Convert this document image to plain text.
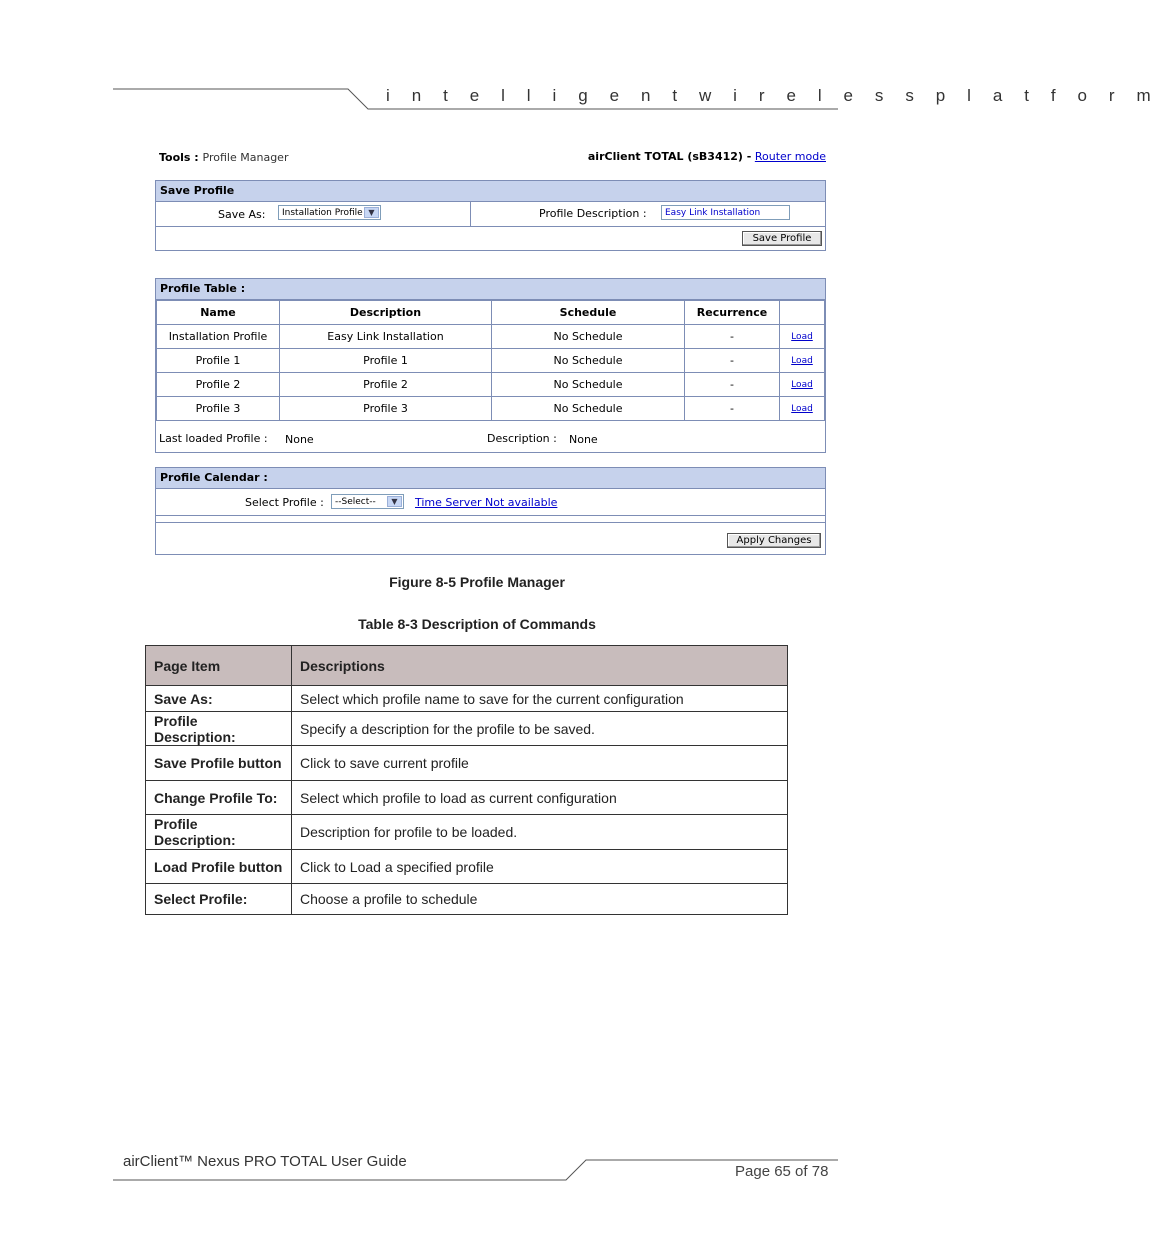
i n t e l l i g e n t w i r e l e s s p l a t f o r m
Tools : Profile Manager	airClient TOTAL (sB3412) - Router mode
Save Profile
Save As:	Installation Profile ▼	Profile Description :	Easy Link Installation
Save Profile
Profile Table :
Name	Description	Schedule	Recurrence	
Installation Profile	Easy Link Installation	No Schedule	-	Load
Profile 1	Profile 1	No Schedule	-	Load
Profile 2	Profile 2	No Schedule	-	Load
Profile 3	Profile 3	No Schedule	-	Load
Last loaded Profile : None	Description : None
Profile Calendar :
Select Profile :	--Select--	▼	Time Server Not available
Apply Changes
Figure 8-5 Profile Manager
Table 8-3 Description of Commands
Page Item	Descriptions
Save As:	Select which profile name to save for the current configuration
Profile Description:	Specify a description for the profile to be saved.
Save Profile button	Click to save current profile
Change Profile To:	Select which profile to load as current configuration
Profile Description:	Description for profile to be loaded.
Load Profile button	Click to Load a specified profile
Select Profile:	Choose a profile to schedule
airClient™ Nexus PRO TOTAL User Guide
Page 65 of 78
